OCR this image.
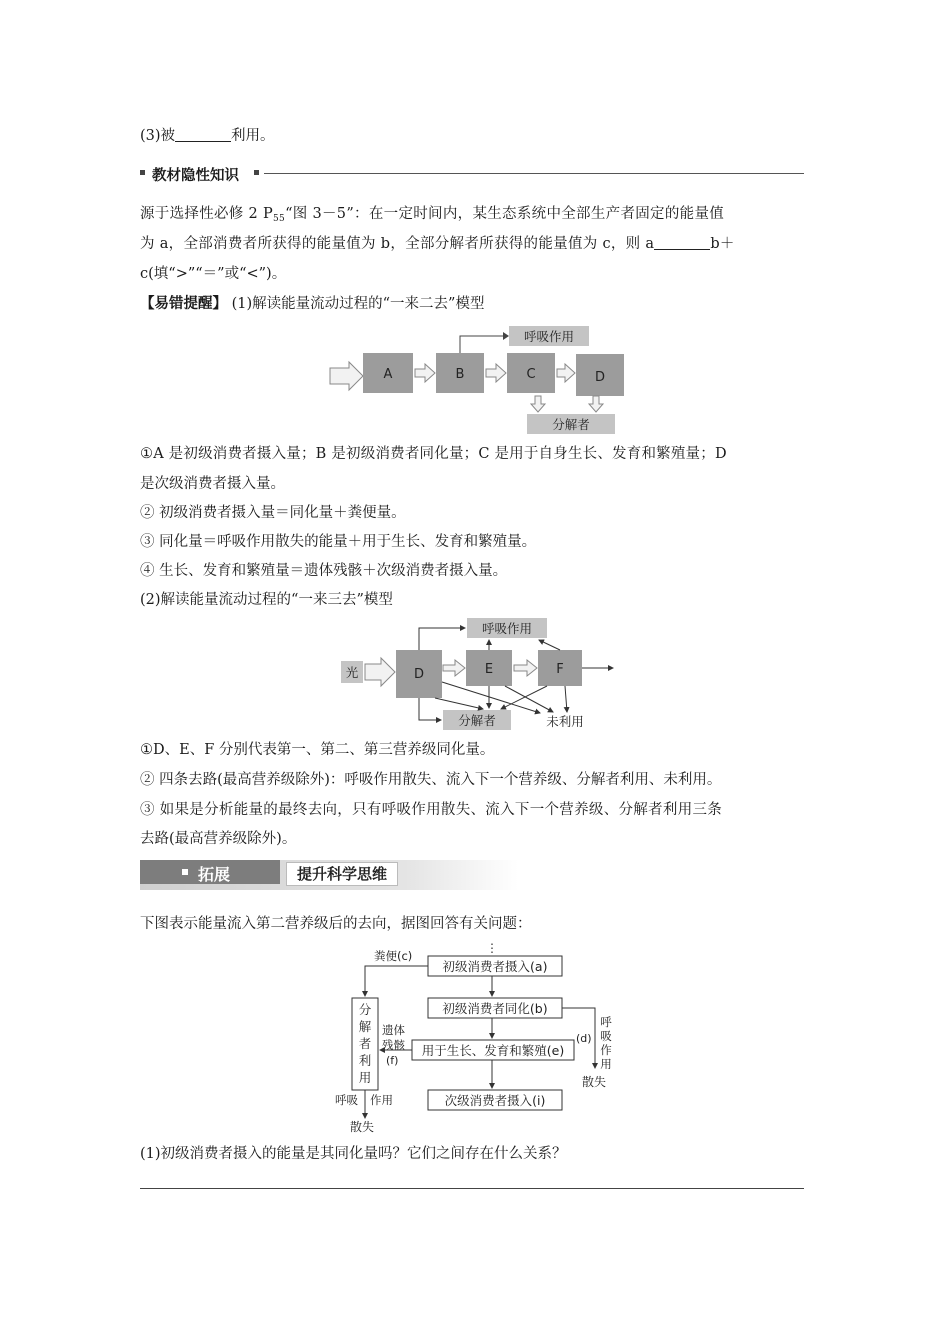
(3)被	利用。
教材隐性知识
源于选择性必修 2 $P_{55}“$图 3－5”：在一定时间内，某生态系统中全部生产者固定的能量值
为 a，全部消费者所获得的能量值为 b，全部分解者所获得的能量值为 c，则 a	b＋
c(填“>”“＝”或“<”)。
【易错提醒】 (1)解读能量流动过程的“一来二去”模型
A	B	C	D
呼吸作用
分解者
①A 是初级消费者摄入量；B 是初级消费者同化量；C 是用于自身生长、发育和繁殖量；D
是次级消费者摄入量。
② 初级消费者摄入量＝同化量＋粪便量。
③ 同化量＝呼吸作用散失的能量＋用于生长、发育和繁殖量。
④ 生长、发育和繁殖量＝遗体残骸＋次级消费者摄入量。
(2)解读能量流动过程的“一来三去”模型
光	D	E	F
呼吸作用
分解者	未利用
①D、E、F 分别代表第一、第二、第三营养级同化量。
② 四条去路(最高营养级除外)：呼吸作用散失、流入下一个营养级、分解者利用、未利用。
③ 如果是分析能量的最终去向，只有呼吸作用散失、流入下一个营养级、分解者利用三条
去路(最高营养级除外)。
拓展	提升科学思维
下图表示能量流入第二营养级后的去向，据图回答有关问题：
⋮
初级消费者摄入(a)
初级消费者同化(b)
用于生长、发育和繁殖(e)
次级消费者摄入(i)
分
解
者
利
用
粪便(c)
遗体
残骸
(f)
呼吸 作用
散失
(d)
呼
吸
作
用
散失
(1)初级消费者摄入的能量是其同化量吗？它们之间存在什么关系？
